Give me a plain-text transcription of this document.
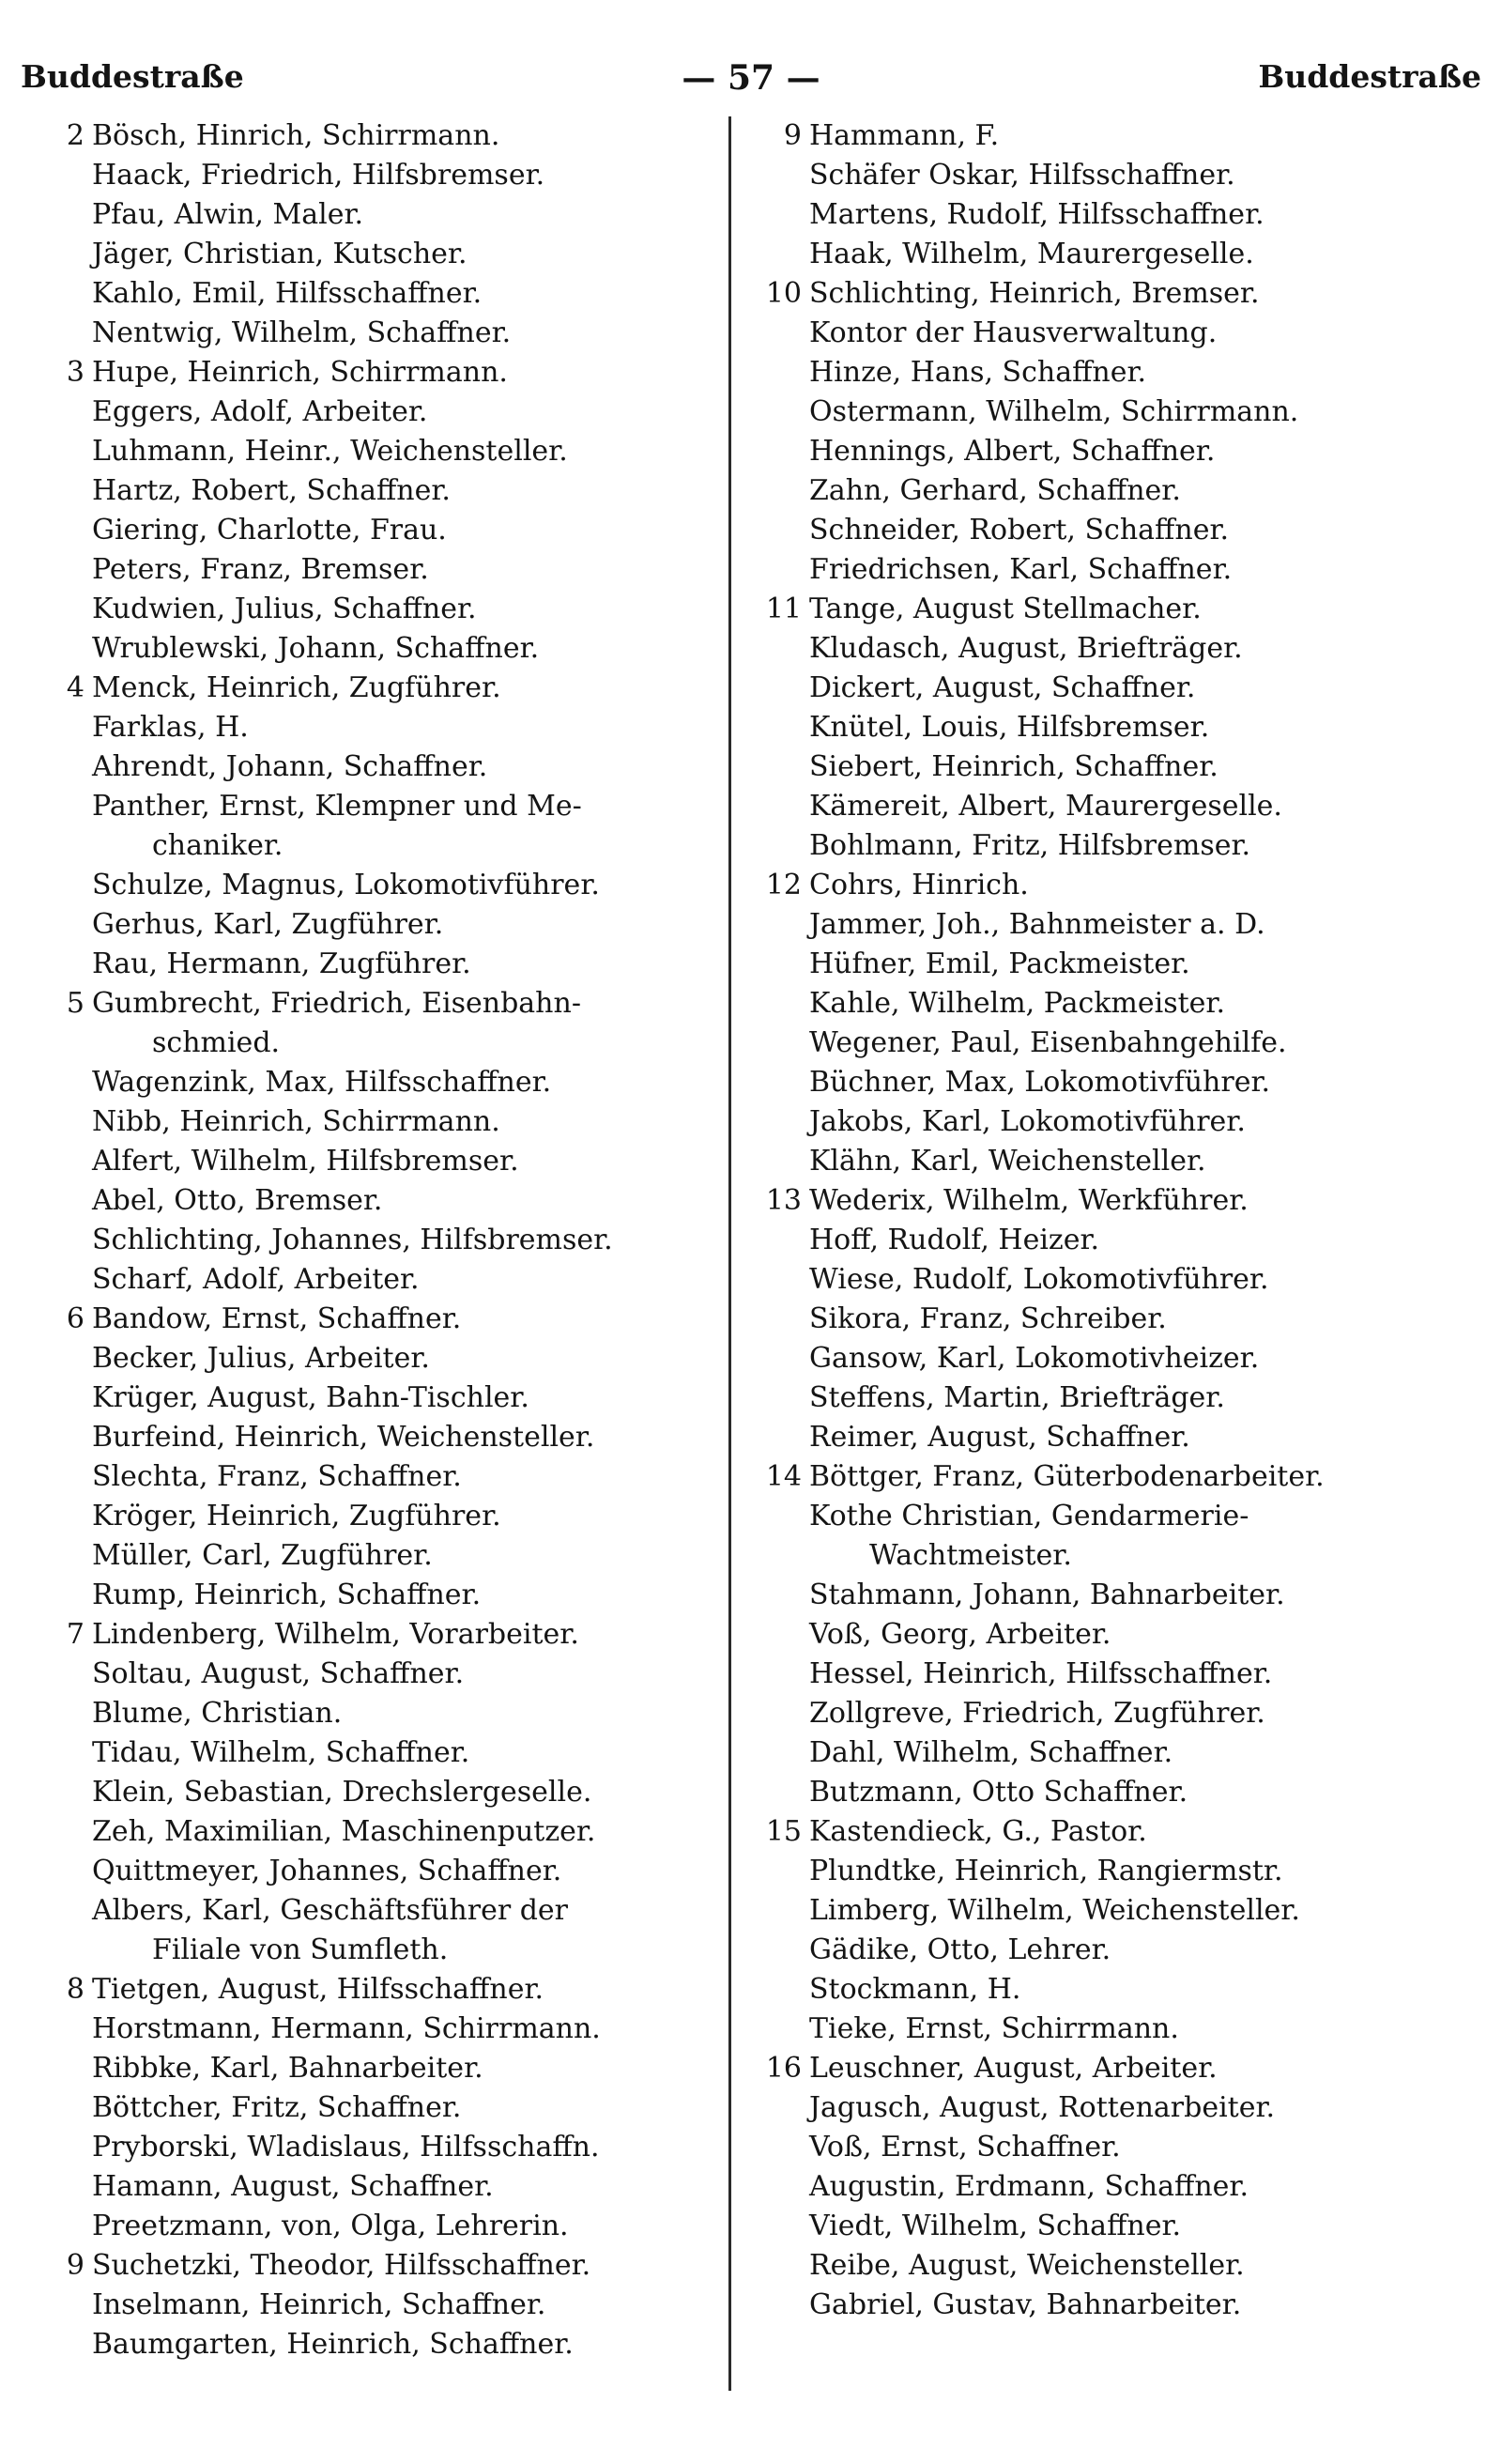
— 57 —
Buddestraße	Buddestraße
2 Bösch, Hinrich, Schirrmann.
Haack, Friedrich, Hilfsbremser.
Pfau, Alwin, Maler.
Jäger, Christian, Kutscher.
Kahlo, Emil, Hilfsschaffner.
Nentwig, Wilhelm, Schaffner.
3 Hupe, Heinrich, Schirrmann.
Eggers, Adolf, Arbeiter.
Luhmann, Heinr., Weichensteller.
Hartz, Robert, Schaffner.
Giering, Charlotte, Frau.
Peters, Franz, Bremser.
Kudwien, Julius, Schaffner.
Wrublewski, Johann, Schaffner.
4 Menck, Heinrich, Zugführer.
Farklas, H.
Ahrendt, Johann, Schaffner.
Panther, Ernst, Klempner und Me-
chaniker.
Schulze, Magnus, Lokomotivführer.
Gerhus, Karl, Zugführer.
Rau, Hermann, Zugführer.
5 Gumbrecht, Friedrich, Eisenbahn-
schmied.
Wagenzink, Max, Hilfsschaffner.
Nibb, Heinrich, Schirrmann.
Alfert, Wilhelm, Hilfsbremser.
Abel, Otto, Bremser.
Schlichting, Johannes, Hilfsbremser.
Scharf, Adolf, Arbeiter.
6 Bandow, Ernst, Schaffner.
Becker, Julius, Arbeiter.
Krüger, August, Bahn-Tischler.
Burfeind, Heinrich, Weichensteller.
Slechta, Franz, Schaffner.
Kröger, Heinrich, Zugführer.
Müller, Carl, Zugführer.
Rump, Heinrich, Schaffner.
7 Lindenberg, Wilhelm, Vorarbeiter.
Soltau, August, Schaffner.
Blume, Christian.
Tidau, Wilhelm, Schaffner.
Klein, Sebastian, Drechslergeselle.
Zeh, Maximilian, Maschinenputzer.
Quittmeyer, Johannes, Schaffner.
Albers, Karl, Geschäftsführer der
Filiale von Sumfleth.
8 Tietgen, August, Hilfsschaffner.
Horstmann, Hermann, Schirrmann.
Ribbke, Karl, Bahnarbeiter.
Böttcher, Fritz, Schaffner.
Pryborski, Wladislaus, Hilfsschaffn.
Hamann, August, Schaffner.
Preetzmann, von, Olga, Lehrerin.
9 Suchetzki, Theodor, Hilfsschaffner.
Inselmann, Heinrich, Schaffner.
Baumgarten, Heinrich, Schaffner.
9 Hammann, F.
Schäfer Oskar, Hilfsschaffner.
Martens, Rudolf, Hilfsschaffner.
Haak, Wilhelm, Maurergeselle.
10 Schlichting, Heinrich, Bremser.
Kontor der Hausverwaltung.
Hinze, Hans, Schaffner.
Ostermann, Wilhelm, Schirrmann.
Hennings, Albert, Schaffner.
Zahn, Gerhard, Schaffner.
Schneider, Robert, Schaffner.
Friedrichsen, Karl, Schaffner.
11 Tange, August Stellmacher.
Kludasch, August, Briefträger.
Dickert, August, Schaffner.
Knütel, Louis, Hilfsbremser.
Siebert, Heinrich, Schaffner.
Kämereit, Albert, Maurergeselle.
Bohlmann, Fritz, Hilfsbremser.
12 Cohrs, Hinrich.
Jammer, Joh., Bahnmeister a. D.
Hüfner, Emil, Packmeister.
Kahle, Wilhelm, Packmeister.
Wegener, Paul, Eisenbahngehilfe.
Büchner, Max, Lokomotivführer.
Jakobs, Karl, Lokomotivführer.
Klähn, Karl, Weichensteller.
13 Wederix, Wilhelm, Werkführer.
Hoff, Rudolf, Heizer.
Wiese, Rudolf, Lokomotivführer.
Sikora, Franz, Schreiber.
Gansow, Karl, Lokomotivheizer.
Steffens, Martin, Briefträger.
Reimer, August, Schaffner.
14 Böttger, Franz, Güterbodenarbeiter.
Kothe Christian, Gendarmerie-
Wachtmeister.
Stahmann, Johann, Bahnarbeiter.
Voß, Georg, Arbeiter.
Hessel, Heinrich, Hilfsschaffner.
Zollgreve, Friedrich, Zugführer.
Dahl, Wilhelm, Schaffner.
Butzmann, Otto Schaffner.
15 Kastendieck, G., Pastor.
Plundtke, Heinrich, Rangiermstr.
Limberg, Wilhelm, Weichensteller.
Gädike, Otto, Lehrer.
Stockmann, H.
Tieke, Ernst, Schirrmann.
16 Leuschner, August, Arbeiter.
Jagusch, August, Rottenarbeiter.
Voß, Ernst, Schaffner.
Augustin, Erdmann, Schaffner.
Viedt, Wilhelm, Schaffner.
Reibe, August, Weichensteller.
Gabriel, Gustav, Bahnarbeiter.
